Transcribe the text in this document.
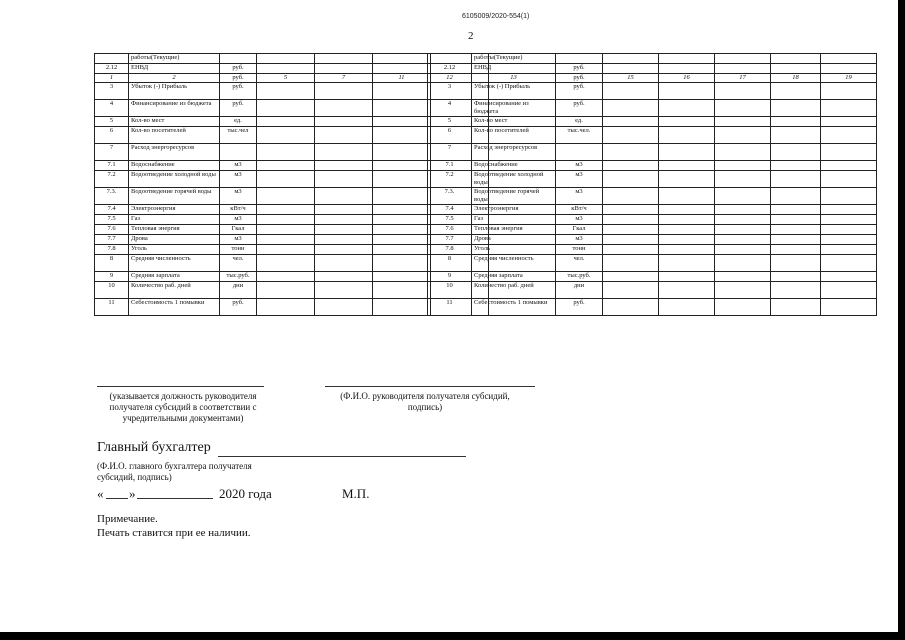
6105009/2020-554(1)
2
	работы(Текущие)					
2.12	ЕНВД	руб.				
1	2	руб.	5	7	11	
3	Убыток (-) Прибыль	руб.				
4	Финансирование из бюджета	руб.				
5	Кол-во мест	ед.				
6	Кол-во посетителей	тыс.чел				
7	Расход энергоресурсов					
7.1	Водоснабжение	м3				
7.2	Водоотведение холодной воды	м3				
7.3.	Водоотведение горячей воды	м3				
7.4	Электроэнергия	кВт/ч				
7.5	Газ	м3				
7.6	Тепловая энергия	Гкал				
7.7	Дрова	м3				
7.8	Уголь	тонн				
8	Средняя численность	чел.				
9	Средняя зарплата	тыс.руб.				
10	Количество раб. дней	дни				
11	Себестоимость 1 помывки	руб.				
	работы(Текущие)						
2.12	ЕНВД	руб.					
12	13	руб.	15	16	17	18	19
3	Убыток (-) Прибыль	руб.					
4	Финансирование из бюджета	руб.					
5	Кол-во мест	ед.					
6	Кол-во посетителей	тыс.чел.					
7	Расход энергоресурсов						
7.1	Водоснабжение	м3					
7.2	Водоотведение холодной воды	м3					
7.3.	Водоотведение горячей воды	м3					
7.4	Электроэнергия	кВт/ч					
7.5	Газ	м3					
7.6	Тепловая энергия	Гкал					
7.7	Дрова	м3					
7.8	Уголь	тонн					
8	Средняя численность	чел.					
9	Средняя зарплата	тыс.руб.					
10	Количество раб. дней	дни					
11	Себестоимость 1 помывки	руб.					
(указывается должность руководителя получателя субсидий в соответствии с учредительными документами)
(Ф.И.О. руководителя получателя субсидий, подпись)
Главный бухгалтер
(Ф.И.О. главного бухгалтера получателя субсидий, подпись)
« »	2020 года	М.П.
Примечание.
Печать ставится при ее наличии.
